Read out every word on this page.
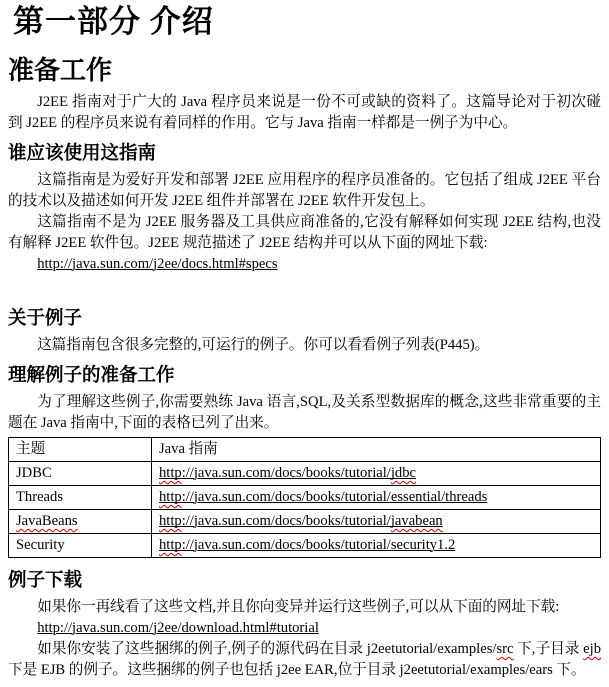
第一部分 介绍
准备工作

J2EE 指南对于广大的 Java 程序员来说是一份不可或缺的资料了。这篇导论对于初次碰到 J2EE 的程序员来说有着同样的作用。它与 Java 指南一样都是一例子为中心。

谁应该使用这指南

这篇指南是为爱好开发和部署 J2EE 应用程序的程序员准备的。它包括了组成 J2EE 平台的技术以及描述如何开发 J2EE 组件并部署在 J2EE 软件开发包上。

这篇指南不是为 J2EE 服务器及工具供应商准备的,它没有解释如何实现 J2EE 结构,也没有解释 J2EE 软件包。J2EE 规范描述了 J2EE 结构并可以从下面的网址下载:

http://java.sun.com/j2ee/docs.html#specs

关于例子

这篇指南包含很多完整的,可运行的例子。你可以看看例子列表(P445)。

理解例子的准备工作

为了理解这些例子,你需要熟练 Java 语言,SQL,及关系型数据库的概念,这些非常重要的主题在 Java 指南中,下面的表格已列了出来。

主题	Java 指南
JDBC	http://java.sun.com/docs/books/tutorial/jdbc
Threads	http://java.sun.com/docs/books/tutorial/essential/threads
JavaBeans	http://java.sun.com/docs/books/tutorial/javabean
Security	http://java.sun.com/docs/books/tutorial/security1.2
例子下载

如果你一再线看了这些文档,并且你向变异并运行这些例子,可以从下面的网址下载:

http://java.sun.com/j2ee/download.html#tutorial

如果你安装了这些捆绑的例子,例子的源代码在目录 j2eetutorial/examples/src 下,子目录 ejb 下是 EJB 的例子。这些捆绑的例子也包括 j2ee EAR,位于目录 j2eetutorial/examples/ears 下。
